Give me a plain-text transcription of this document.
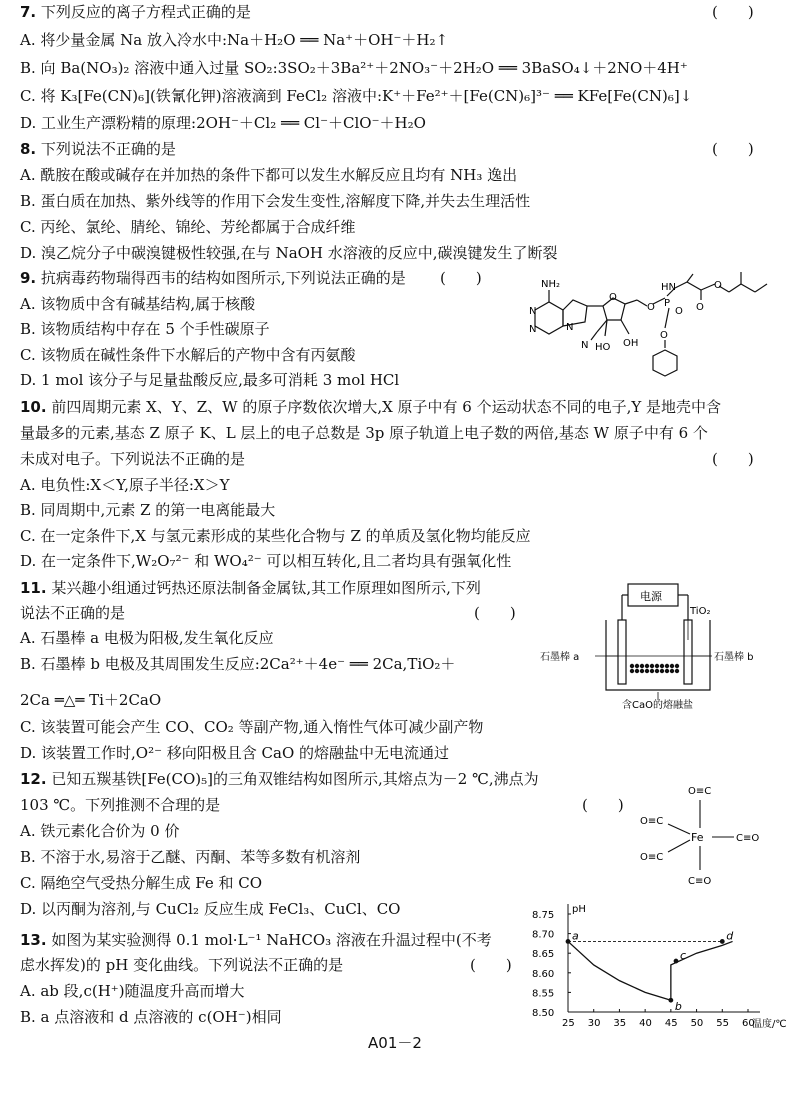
7. 下列反应的离子方程式正确的是	(　　)
A. 将少量金属 Na 放入冷水中:Na＋H₂O ══ Na⁺＋OH⁻＋H₂↑
B. 向 Ba(NO₃)₂ 溶液中通入过量 SO₂:3SO₂＋3Ba²⁺＋2NO₃⁻＋2H₂O ══ 3BaSO₄↓＋2NO＋4H⁺
C. 将 K₃[Fe(CN)₆](铁氰化钾)溶液滴到 FeCl₂ 溶液中:K⁺＋Fe²⁺＋[Fe(CN)₆]³⁻ ══ KFe[Fe(CN)₆]↓
D. 工业生产漂粉精的原理:2OH⁻＋Cl₂ ══ Cl⁻＋ClO⁻＋H₂O
8. 下列说法不正确的是	(　　)
A. 酰胺在酸或碱存在并加热的条件下都可以发生水解反应且均有 NH₃ 逸出
B. 蛋白质在加热、紫外线等的作用下会发生变性,溶解度下降,并失去生理活性
C. 丙纶、氯纶、腈纶、锦纶、芳纶都属于合成纤维
D. 溴乙烷分子中碳溴键极性较强,在与 NaOH 水溶液的反应中,碳溴键发生了断裂
9. 抗病毒药物瑞得西韦的结构如图所示,下列说法正确的是 (　　)
A. 该物质中含有碱基结构,属于核酸
B. 该物质结构中存在 5 个手性碳原子
C. 该物质在碱性条件下水解后的产物中含有丙氨酸
D. 1 mol 该分子与足量盐酸反应,最多可消耗 3 mol HCl
NH₂
N
N	N
O
N HO OH
O P
O
HN
O
O
O
10. 前四周期元素 X、Y、Z、W 的原子序数依次增大,X 原子中有 6 个运动状态不同的电子,Y 是地壳中含
量最多的元素,基态 Z 原子 K、L 层上的电子总数是 3p 原子轨道上电子数的两倍,基态 W 原子中有 6 个
未成对电子。下列说法不正确的是	(　　)
A. 电负性:X＜Y,原子半径:X＞Y
B. 同周期中,元素 Z 的第一电离能最大
C. 在一定条件下,X 与氢元素形成的某些化合物与 Z 的单质及氢化物均能反应
D. 在一定条件下,W₂O₇²⁻ 和 WO₄²⁻ 可以相互转化,且二者均具有强氧化性
11. 某兴趣小组通过钙热还原法制备金属钛,其工作原理如图所示,下列
说法不正确的是	(　　)
A. 石墨棒 a 电极为阳极,发生氧化反应
B. 石墨棒 b 电极及其周围发生反应:2Ca²⁺＋4e⁻ ══ 2Ca,TiO₂＋
2Ca ═△═ Ti＋2CaO
C. 该装置可能会产生 CO、CO₂ 等副产物,通入惰性气体可减少副产物
D. 该装置工作时,O²⁻ 移向阳极且含 CaO 的熔融盐中无电流通过
电源
TiO₂
石墨棒 a	石墨棒 b
含CaO的熔融盐
12. 已知五羰基铁[Fe(CO)₅]的三角双锥结构如图所示,其熔点为－2 ℃,沸点为
103 ℃。下列推测不合理的是	(　　)
A. 铁元素化合价为 0 价
B. 不溶于水,易溶于乙醚、丙酮、苯等多数有机溶剂
C. 隔绝空气受热分解生成 Fe 和 CO
D. 以丙酮为溶剂,与 CuCl₂ 反应生成 FeCl₃、CuCl、CO
Fe
O≡C
O≡C
O≡C
C≡O
C≡O
13. 如图为某实验测得 0.1 mol·L⁻¹ NaHCO₃ 溶液在升温过程中(不考
虑水挥发)的 pH 变化曲线。下列说法不正确的是	(　　)
A. ab 段,c(H⁺)随温度升高而增大
B. a 点溶液和 d 点溶液的 c(OH⁻)相同
pH
温度/℃
25 30 35 40 45 50 55 60
8.50
8.55
8.60
8.65
8.70
8.75
a
b
c
d
A01－2
